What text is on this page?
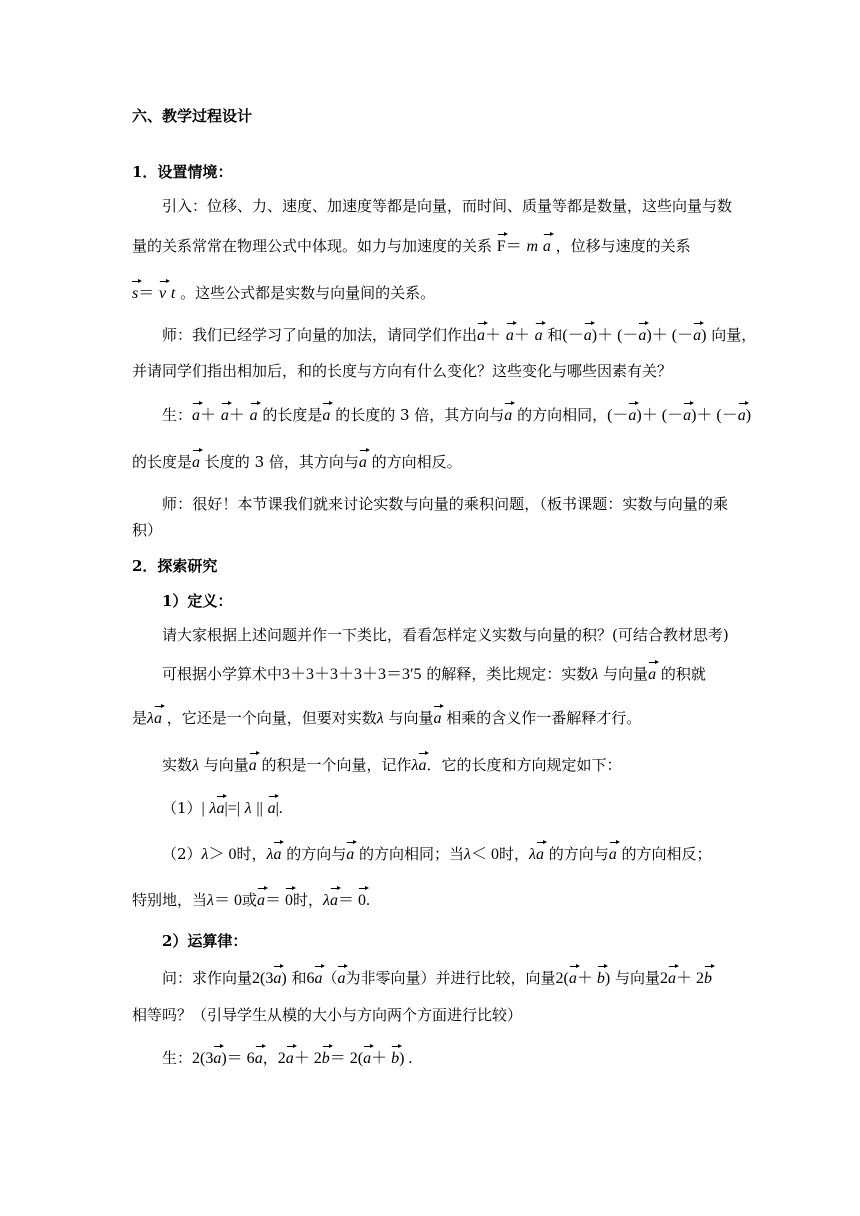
六、教学过程设计
1．设置情境：
引入：位移、力、速度、加速度等都是向量，而时间、质量等都是数量，这些向量与数
量的关系常常在物理公式中体现。如力与加速度的关系 F＝ m a ，位移与速度的关系
s＝ v t 。这些公式都是实数与向量间的关系。
师：我们已经学习了向量的加法，请同学们作出a＋ a＋ a 和(－a)＋ (－a)＋ (－a) 向量，
并请同学们指出相加后，和的长度与方向有什么变化？这些变化与哪些因素有关？
生：a＋ a＋ a 的长度是a 的长度的 3 倍，其方向与a 的方向相同，(－a)＋ (－a)＋ (－a)
的长度是a 长度的 3 倍，其方向与a 的方向相反。
师：很好！本节课我们就来讨论实数与向量的乘积问题，（板书课题：实数与向量的乘
积）
2．探索研究
1）定义：
请大家根据上述问题并作一下类比，看看怎样定义实数与向量的积？(可结合教材思考)
可根据小学算术中3＋3＋3＋3＋3＝3′5 的解释，类比规定：实数λ 与向量a 的积就
是λa ，它还是一个向量，但要对实数λ 与向量a 相乘的含义作一番解释才行。
实数λ 与向量a 的积是一个向量，记作λa．它的长度和方向规定如下：
（1）| λa|=| λ || a|.
（2）λ＞ 0时，λa 的方向与a 的方向相同；当λ＜ 0时，λa 的方向与a 的方向相反；
特别地，当λ＝ 0或a＝ 0时，λa＝ 0.
2）运算律：
问：求作向量2(3a) 和6a（a为非零向量）并进行比较，向量2(a＋ b) 与向量2a＋ 2b
相等吗？（引导学生从模的大小与方向两个方面进行比较）
生：2(3a)＝ 6a，2a＋ 2b＝ 2(a＋ b) .
